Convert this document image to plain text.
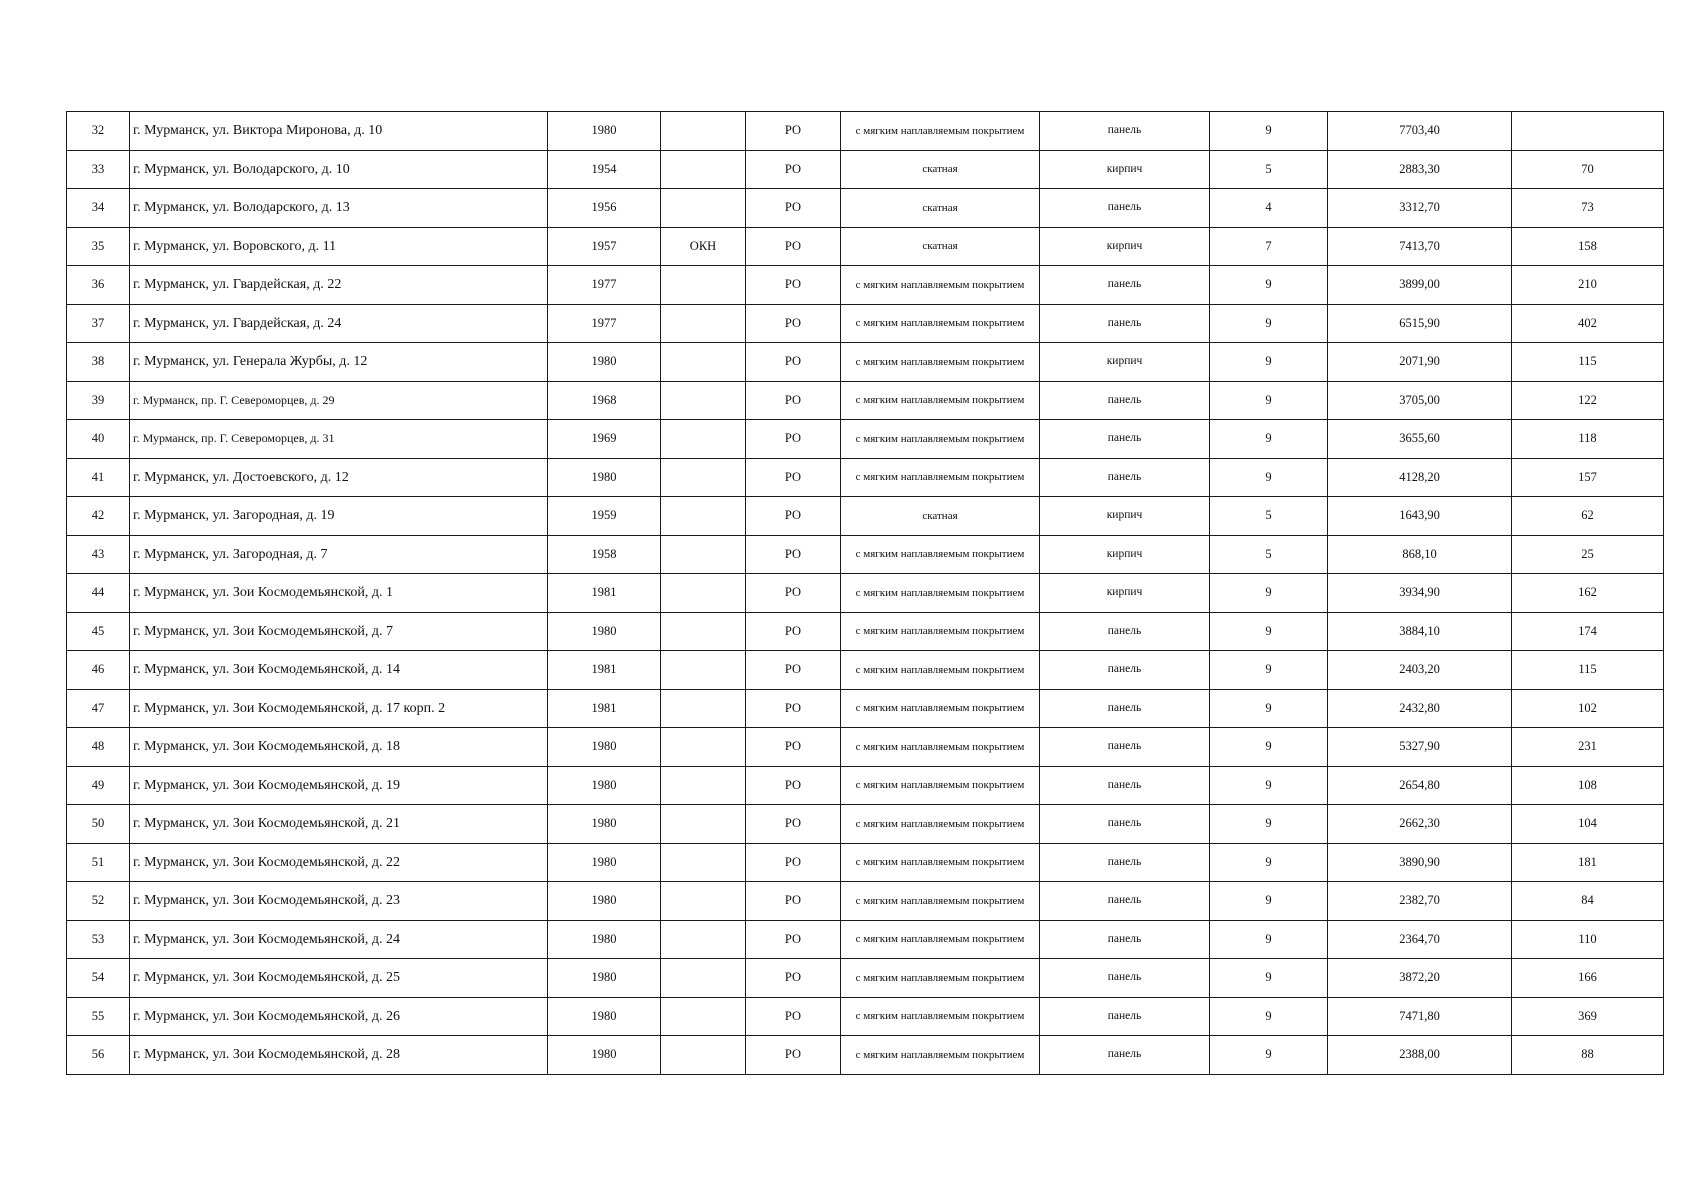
32	г. Мурманск, ул. Виктора Миронова, д. 10	1980		РО	с мягким наплавляемым покрытием	панель	9	7703,40	
33	г. Мурманск, ул. Володарского, д. 10	1954		РО	скатная	кирпич	5	2883,30	70
34	г. Мурманск, ул. Володарского, д. 13	1956		РО	скатная	панель	4	3312,70	73
35	г. Мурманск, ул. Воровского, д. 11	1957	ОКН	РО	скатная	кирпич	7	7413,70	158
36	г. Мурманск, ул. Гвардейская, д. 22	1977		РО	с мягким наплавляемым покрытием	панель	9	3899,00	210
37	г. Мурманск, ул. Гвардейская, д. 24	1977		РО	с мягким наплавляемым покрытием	панель	9	6515,90	402
38	г. Мурманск, ул. Генерала Журбы, д. 12	1980		РО	с мягким наплавляемым покрытием	кирпич	9	2071,90	115
39	г. Мурманск, пр. Г. Североморцев, д. 29	1968		РО	с мягким наплавляемым покрытием	панель	9	3705,00	122
40	г. Мурманск, пр. Г. Североморцев, д. 31	1969		РО	с мягким наплавляемым покрытием	панель	9	3655,60	118
41	г. Мурманск, ул. Достоевского, д. 12	1980		РО	с мягким наплавляемым покрытием	панель	9	4128,20	157
42	г. Мурманск, ул. Загородная, д. 19	1959		РО	скатная	кирпич	5	1643,90	62
43	г. Мурманск, ул. Загородная, д. 7	1958		РО	с мягким наплавляемым покрытием	кирпич	5	868,10	25
44	г. Мурманск, ул. Зои Космодемьянской, д. 1	1981		РО	с мягким наплавляемым покрытием	кирпич	9	3934,90	162
45	г. Мурманск, ул. Зои Космодемьянской, д. 7	1980		РО	с мягким наплавляемым покрытием	панель	9	3884,10	174
46	г. Мурманск, ул. Зои Космодемьянской, д. 14	1981		РО	с мягким наплавляемым покрытием	панель	9	2403,20	115
47	г. Мурманск, ул. Зои Космодемьянской, д. 17 корп. 2	1981		РО	с мягким наплавляемым покрытием	панель	9	2432,80	102
48	г. Мурманск, ул. Зои Космодемьянской, д. 18	1980		РО	с мягким наплавляемым покрытием	панель	9	5327,90	231
49	г. Мурманск, ул. Зои Космодемьянской, д. 19	1980		РО	с мягким наплавляемым покрытием	панель	9	2654,80	108
50	г. Мурманск, ул. Зои Космодемьянской, д. 21	1980		РО	с мягким наплавляемым покрытием	панель	9	2662,30	104
51	г. Мурманск, ул. Зои Космодемьянской, д. 22	1980		РО	с мягким наплавляемым покрытием	панель	9	3890,90	181
52	г. Мурманск, ул. Зои Космодемьянской, д. 23	1980		РО	с мягким наплавляемым покрытием	панель	9	2382,70	84
53	г. Мурманск, ул. Зои Космодемьянской, д. 24	1980		РО	с мягким наплавляемым покрытием	панель	9	2364,70	110
54	г. Мурманск, ул. Зои Космодемьянской, д. 25	1980		РО	с мягким наплавляемым покрытием	панель	9	3872,20	166
55	г. Мурманск, ул. Зои Космодемьянской, д. 26	1980		РО	с мягким наплавляемым покрытием	панель	9	7471,80	369
56	г. Мурманск, ул. Зои Космодемьянской, д. 28	1980		РО	с мягким наплавляемым покрытием	панель	9	2388,00	88
